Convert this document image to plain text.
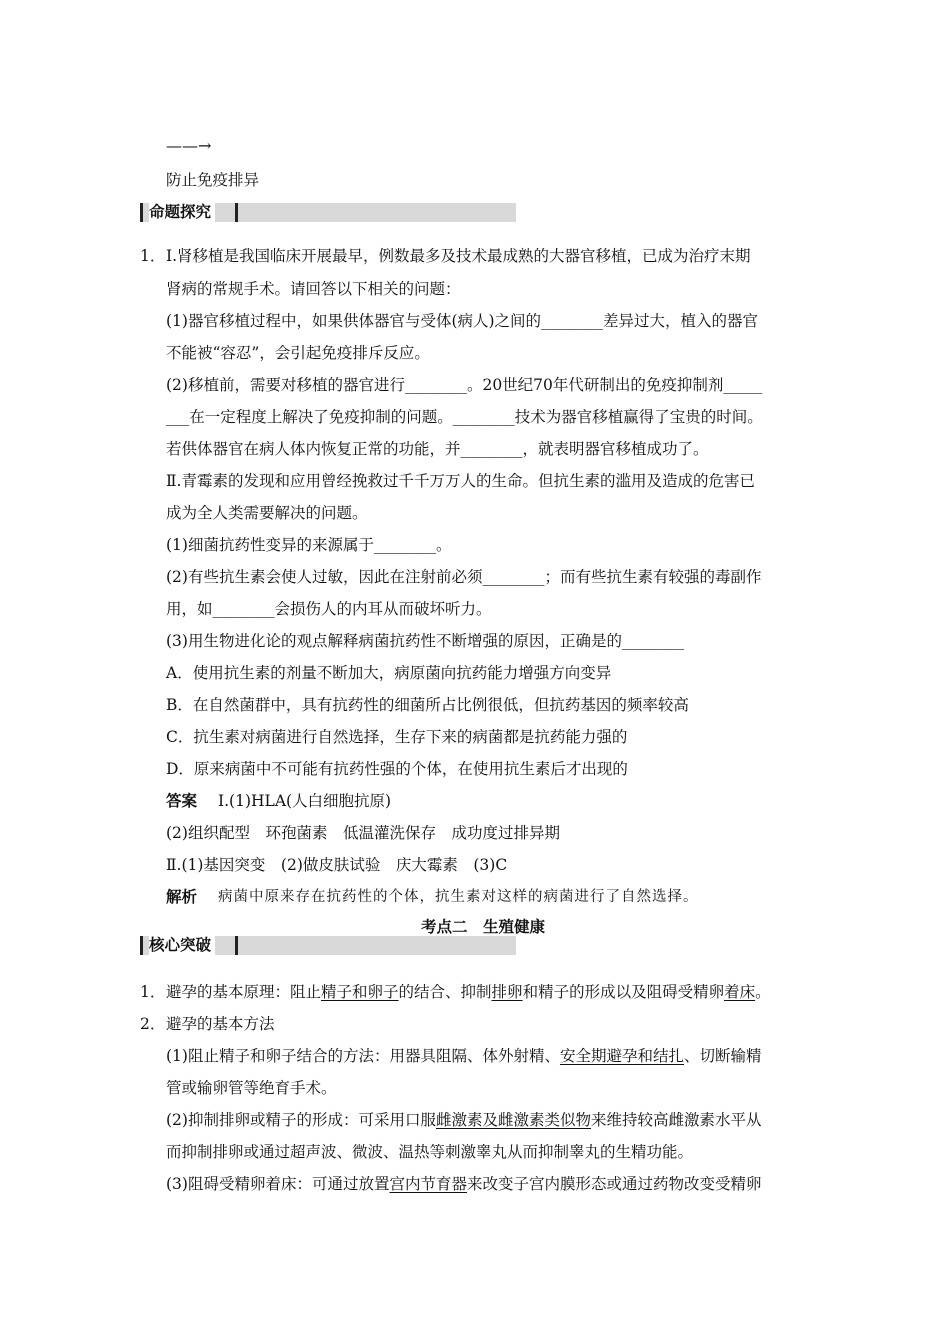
——→
防止免疫排异
命题探究
1． Ⅰ.肾移植是我国临床开展最早，例数最多及技术最成熟的大器官移植，已成为治疗末期
肾病的常规手术。请回答以下相关的问题：
(1)器官移植过程中，如果供体器官与受体(病人)之间的________差异过大，植入的器官
不能被“容忍”，会引起免疫排斥反应。
(2)移植前，需要对移植的器官进行________。20世纪70年代研制出的免疫抑制剂_____
___在一定程度上解决了免疫抑制的问题。________技术为器官移植赢得了宝贵的时间。
若供体器官在病人体内恢复正常的功能，并________，就表明器官移植成功了。
Ⅱ.青霉素的发现和应用曾经挽救过千千万万人的生命。但抗生素的滥用及造成的危害已
成为全人类需要解决的问题。
(1)细菌抗药性变异的来源属于________。
(2)有些抗生素会使人过敏，因此在注射前必须________；而有些抗生素有较强的毒副作
用，如________会损伤人的内耳从而破坏听力。
(3)用生物进化论的观点解释病菌抗药性不断增强的原因，正确是的________
A．使用抗生素的剂量不断加大，病原菌向抗药能力增强方向变异
B．在自然菌群中，具有抗药性的细菌所占比例很低，但抗药基因的频率较高
C．抗生素对病菌进行自然选择，生存下来的病菌都是抗药能力强的
D．原来病菌中不可能有抗药性强的个体，在使用抗生素后才出现的
答案 Ⅰ.(1)HLA(人白细胞抗原)
(2)组织配型　环孢菌素　低温灌洗保存　成功度过排异期
Ⅱ.(1)基因突变　(2)做皮肤试验　庆大霉素　(3)C
解析 病菌中原来存在抗药性的个体，抗生素对这样的病菌进行了自然选择。
考点二　生殖健康
核心突破
1． 避孕的基本原理：阻止精子和卵子的结合、抑制排卵和精子的形成以及阻碍受精卵着床。
2． 避孕的基本方法
(1)阻止精子和卵子结合的方法：用器具阻隔、体外射精、安全期避孕和结扎、切断输精
管或输卵管等绝育手术。
(2)抑制排卵或精子的形成：可采用口服雌激素及雌激素类似物来维持较高雌激素水平从
而抑制排卵或通过超声波、微波、温热等刺激睾丸从而抑制睾丸的生精功能。
(3)阻碍受精卵着床：可通过放置宫内节育器来改变子宫内膜形态或通过药物改变受精卵
